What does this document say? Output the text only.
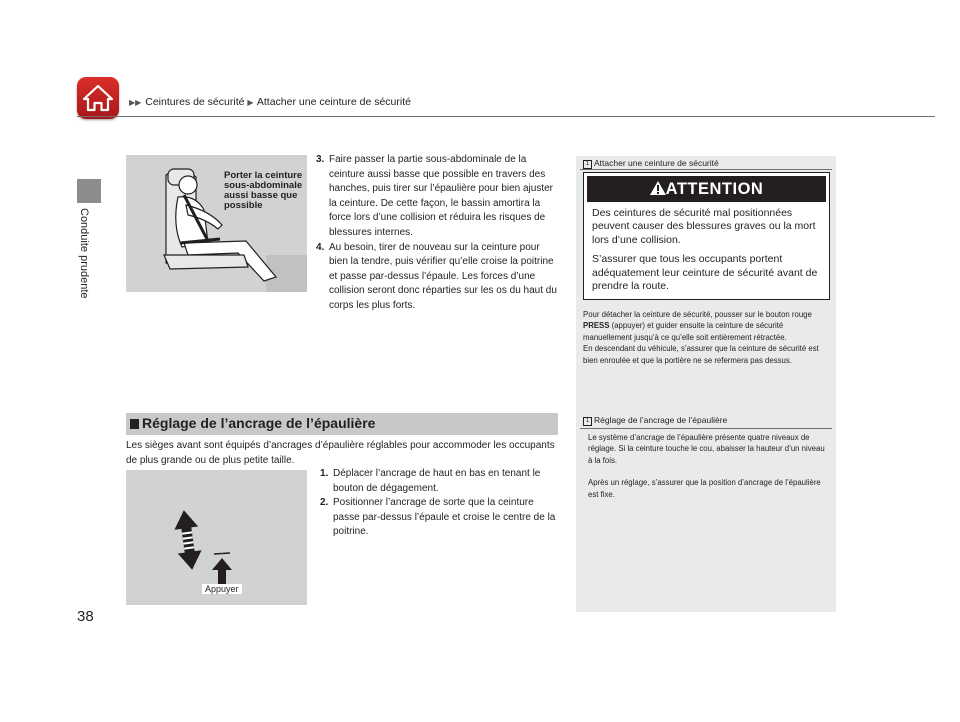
▶▶ Ceintures de sécurité ▶ Attacher une ceinture de sécurité
Conduite prudente
Porter la ceinture
sous-abdominale
aussi basse que
possible
3. Faire passer la partie sous-abdominale de la ceinture aussi basse que possible en travers des hanches, puis tirer sur l’épaulière pour bien ajuster la ceinture. De cette façon, le bassin amortira la force lors d’une collision et réduira les risques de blessures internes.
4. Au besoin, tirer de nouveau sur la ceinture pour bien la tendre, puis vérifier qu’elle croise la poitrine et passe par-dessus l’épaule. Les forces d’une collision seront donc réparties sur les os du haut du corps les plus forts.
1 Attacher une ceinture de sécurité
Pour détacher la ceinture de sécurité, pousser sur le bouton rouge PRESS (appuyer) et guider ensuite la ceinture de sécurité manuellement jusqu’à ce qu’elle soit entièrement rétractée.
En descendant du véhicule, s’assurer que la ceinture de sécurité est bien enroulée et que la portière ne se refermera pas dessus.
ATTENTION

Des ceintures de sécurité mal positionnées peuvent causer des blessures graves ou la mort lors d’une collision.

S’assurer que tous les occupants portent adéquatement leur ceinture de sécurité avant de prendre la route.

Réglage de l’ancrage de l’épaulière
Les sièges avant sont équipés d’ancrages d’épaulière réglables pour accommoder les occupants de plus grande ou de plus petite taille.
Appuyer
1. Déplacer l’ancrage de haut en bas en tenant le bouton de dégagement.
2. Positionner l’ancrage de sorte que la ceinture passe par-dessus l’épaule et croise le centre de la poitrine.
1 Réglage de l’ancrage de l’épaulière
Le système d’ancrage de l’épaulière présente quatre niveaux de réglage. Si la ceinture touche le cou, abaisser la hauteur d’un niveau à la fois.
Après un réglage, s’assurer que la position d’ancrage de l’épaulière est fixe.
38
